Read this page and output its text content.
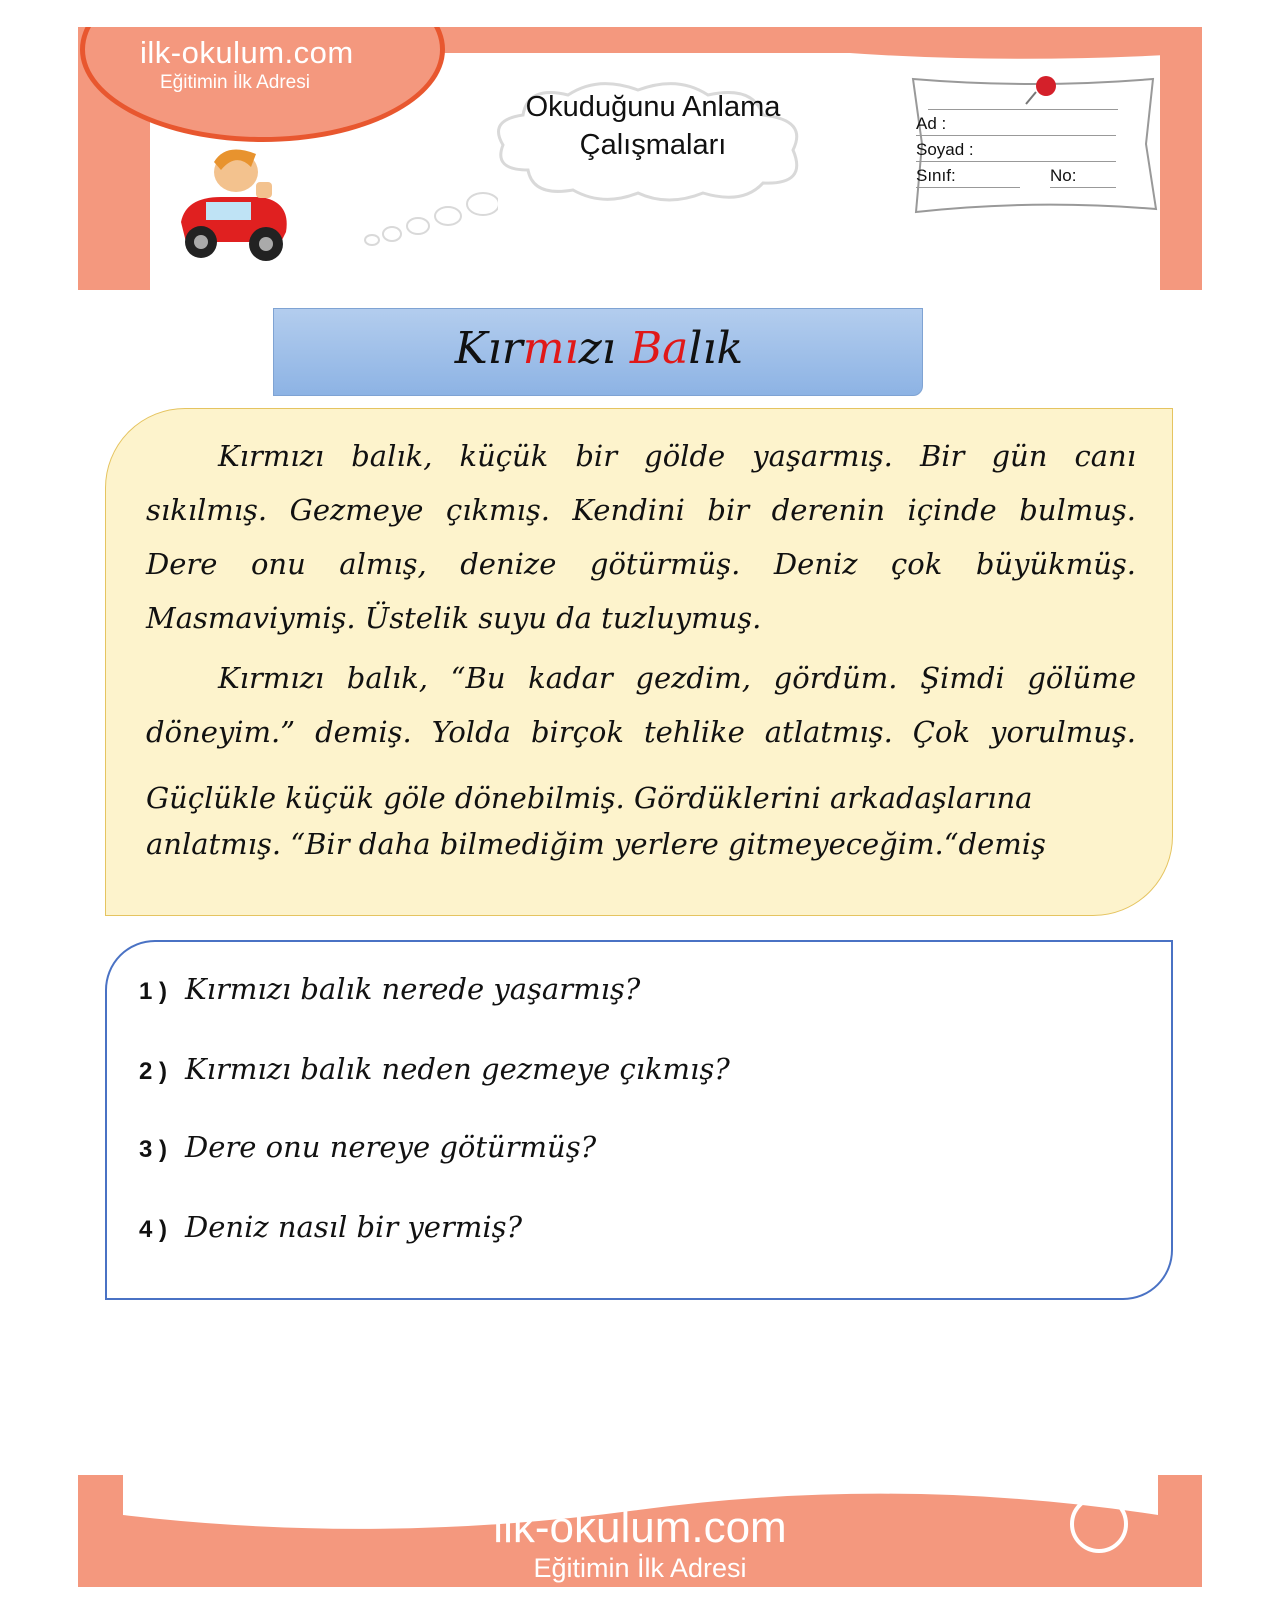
ilk-okulum.com
Eğitimin İlk Adresi
Okuduğunu Anlama
Çalışmaları
Ad :
Soyad :
Sınıf:	No:
Kırmızı Balık

Kırmızı balık, küçük bir gölde yaşarmış. Bir gün canı
sıkılmış. Gezmeye çıkmış. Kendini bir derenin içinde bulmuş.
Dere onu almış, denize götürmüş. Deniz çok büyükmüş.
Masmaviymiş. Üstelik suyu da tuzluymuş.

Kırmızı balık, “Bu kadar gezdim, gördüm. Şimdi gölüme
döneyim.” demiş. Yolda birçok tehlike atlatmış. Çok yorulmuş.

Güçlükle küçük göle dönebilmiş. Gördüklerini arkadaşlarına
anlatmış. “Bir daha bilmediğim yerlere gitmeyeceğim.“demiş

1 ) Kırmızı balık nerede yaşarmış?
2 ) Kırmızı balık neden gezmeye çıkmış?
3 ) Dere onu nereye götürmüş?
4 ) Deniz nasıl bir yermiş?
ilk-okulum.com
Eğitimin İlk Adresi
